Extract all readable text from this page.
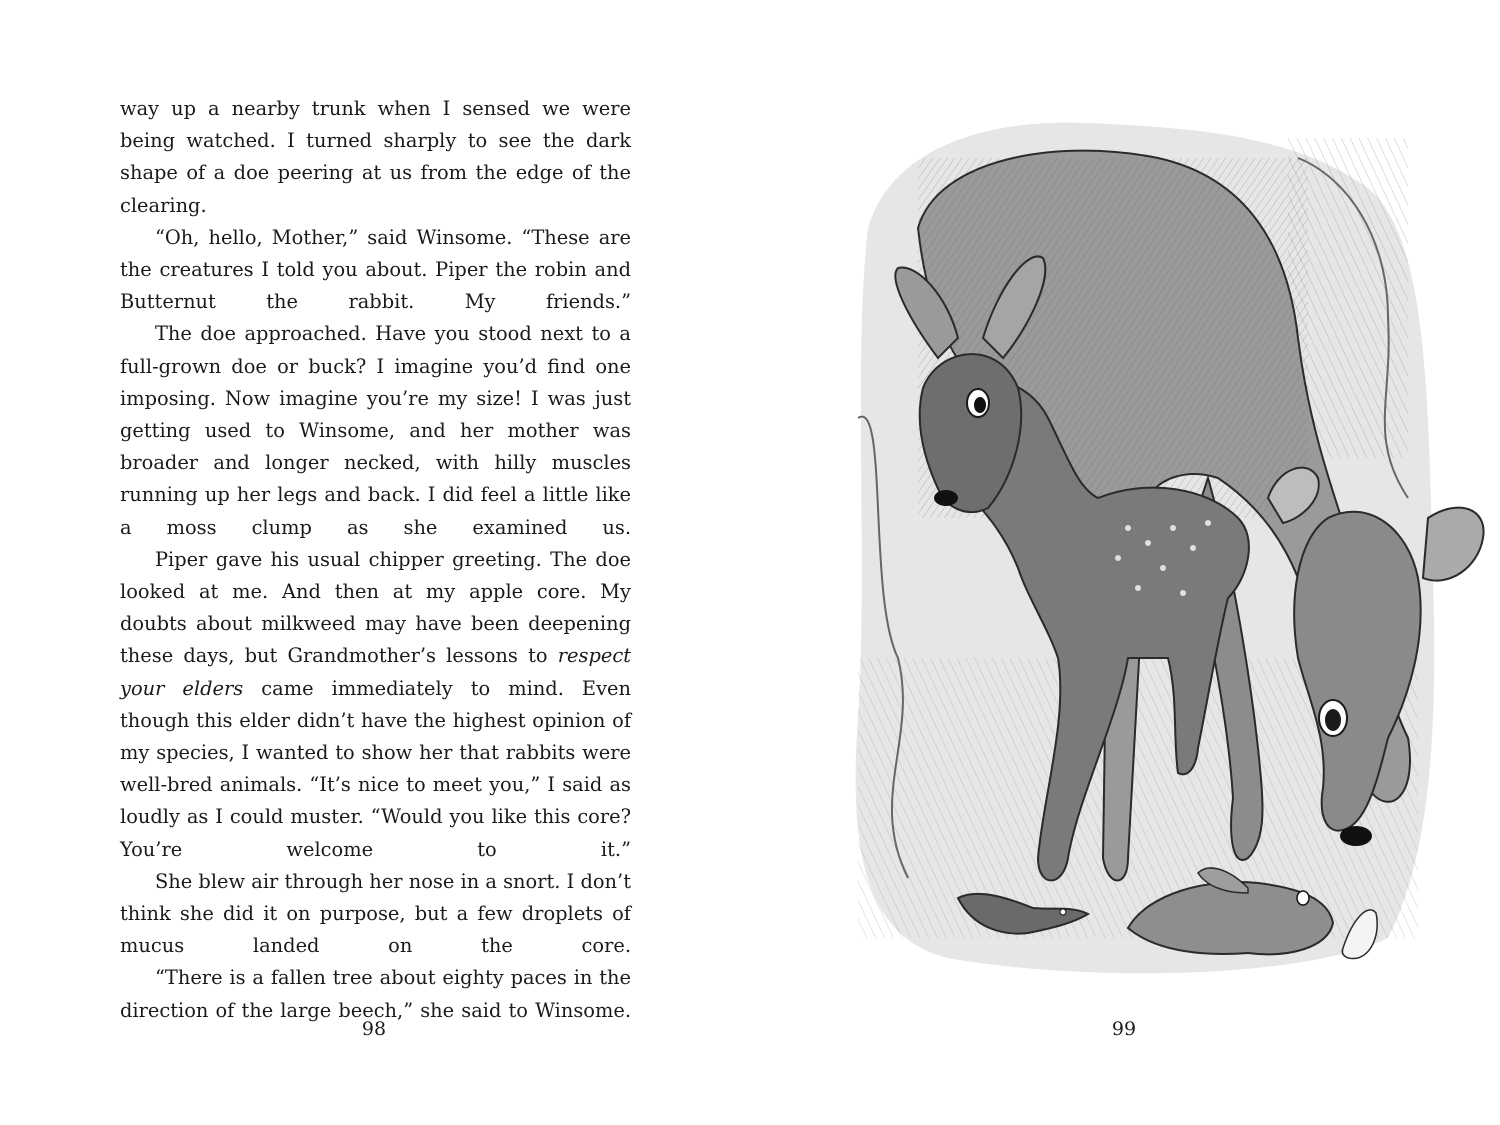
way up a nearby trunk when I sensed we were being watched. I turned sharply to see the dark shape of a doe peering at us from the edge of the clearing.

“Oh, hello, Mother,” said Winsome. “These are the creatures I told you about. Piper the robin and Butternut the rabbit. My friends.”

The doe approached. Have you stood next to a full-grown doe or buck? I imagine you’d find one imposing. Now imagine you’re my size! I was just getting used to Winsome, and her mother was broader and longer necked, with hilly muscles running up her legs and back. I did feel a little like a moss clump as she examined us.

Piper gave his usual chipper greeting. The doe looked at me. And then at my apple core. My doubts about milkweed may have been deepening these days, but Grandmother’s lessons to respect your elders came immediately to mind. Even though this elder didn’t have the highest opinion of my species, I wanted to show her that rabbits were well-bred animals. “It’s nice to meet you,” I said as loudly as I could muster. “Would you like this core? You’re welcome to it.”

She blew air through her nose in a snort. I don’t think she did it on purpose, but a few droplets of mucus landed on the core.

“There is a fallen tree about eighty paces in the direction of the large beech,” she said to Winsome.

98	99
